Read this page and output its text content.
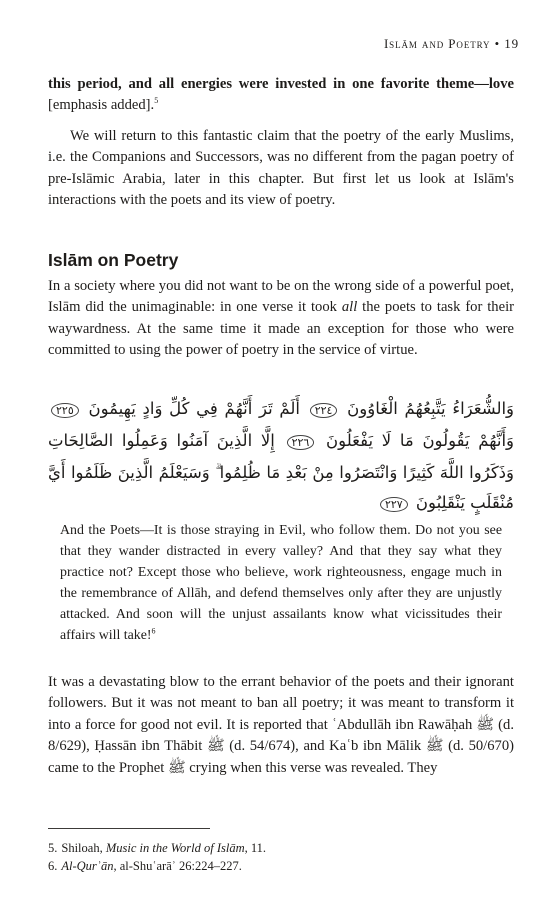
Islām and Poetry • 19

this period, and all energies were invested in one favorite theme—love [emphasis added].$^5$

We will return to this fantastic claim that the poetry of the early Muslims, i.e. the Companions and Successors, was no different from the pagan poetry of pre-Islāmic Arabia, later in this chapter. But first let us look at Islām's interactions with the poets and its view of poetry.

Islām on Poetry

In a society where you did not want to be on the wrong side of a powerful poet, Islām did the unimaginable: in one verse it took all the poets to task for their waywardness. At the same time it made an exception for those who were committed to using the power of poetry in the service of virtue.

وَالشُّعَرَاءُ يَتَّبِعُهُمُ الْغَاوُونَ ٢٢٤ أَلَمْ تَرَ أَنَّهُمْ فِي كُلِّ وَادٍ يَهِيمُونَ ٢٢٥ وَأَنَّهُمْ يَقُولُونَ مَا لَا يَفْعَلُونَ ٢٢٦ إِلَّا الَّذِينَ آمَنُوا وَعَمِلُوا الصَّالِحَاتِ وَذَكَرُوا اللَّهَ كَثِيرًا وَانْتَصَرُوا مِنْ بَعْدِ مَا ظُلِمُوا ۗ وَسَيَعْلَمُ الَّذِينَ ظَلَمُوا أَيَّ مُنْقَلَبٍ يَنْقَلِبُونَ ٢٢٧

And the Poets—It is those straying in Evil, who follow them. Do not you see that they wander distracted in every valley? And that they say what they practice not? Except those who believe, work righteousness, engage much in the remembrance of Allāh, and defend themselves only after they are unjustly attacked. And soon will the unjust assailants know what vicissitudes their affairs will take!$^6$

It was a devastating blow to the errant behavior of the poets and their ignorant followers. But it was not meant to ban all poetry; it was meant to transform it into a force for good not evil. It is reported that ʿAbdullāh ibn Rawāḥah ﷺ (d. 8/629), Ḥassān ibn Thābit ﷺ (d. 54/674), and Kaʿb ibn Mālik ﷺ (d. 50/670) came to the Prophet ﷺ crying when this verse was revealed. They

5. Shiloah, Music in the World of Islām, 11.

6. Al-Qurʾān, al-Shuʿarāʾ 26:224–227.
